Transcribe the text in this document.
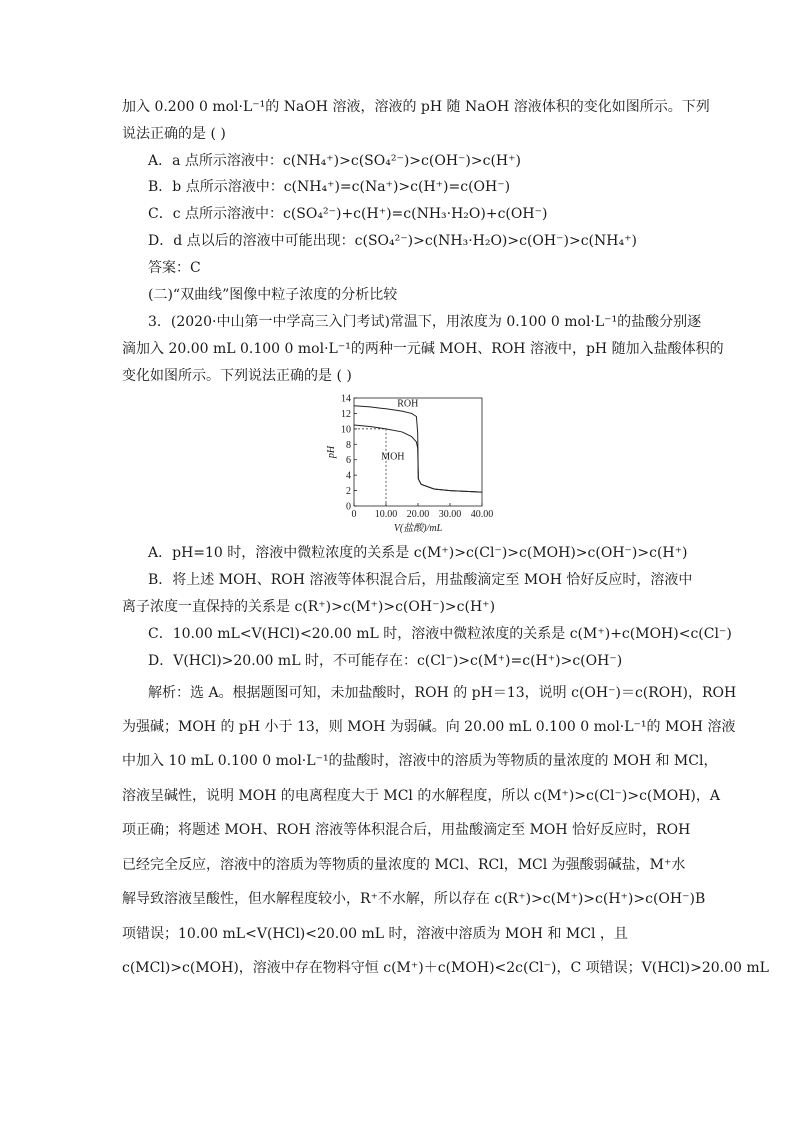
加入 0.200 0 mol·L⁻¹的 NaOH 溶液，溶液的 pH 随 NaOH 溶液体积的变化如图所示。下列
说法正确的是 ( )
A．a 点所示溶液中：c(NH₄⁺)>c(SO₄²⁻)>c(OH⁻)>c(H⁺)
B．b 点所示溶液中：c(NH₄⁺)=c(Na⁺)>c(H⁺)=c(OH⁻)
C．c 点所示溶液中：c(SO₄²⁻)+c(H⁺)=c(NH₃·H₂O)+c(OH⁻)
D．d 点以后的溶液中可能出现：c(SO₄²⁻)>c(NH₃·H₂O)>c(OH⁻)>c(NH₄⁺)
答案：C
(二)“双曲线”图像中粒子浓度的分析比较
3．(2020·中山第一中学高三入门考试)常温下，用浓度为 0.100 0 mol·L⁻¹的盐酸分别逐
滴加入 20.00 mL 0.100 0 mol·L⁻¹的两种一元碱 MOH、ROH 溶液中，pH 随加入盐酸体积的
变化如图所示。下列说法正确的是 ( )
0
2
4
6
8
10
12
14
0 10.00 20.00 30.00 40.00
V(盐酸)/mL
pH
ROH
MOH
A．pH=10 时，溶液中微粒浓度的关系是 c(M⁺)>c(Cl⁻)>c(MOH)>c(OH⁻)>c(H⁺)
B．将上述 MOH、ROH 溶液等体积混合后，用盐酸滴定至 MOH 恰好反应时，溶液中
离子浓度一直保持的关系是 c(R⁺)>c(M⁺)>c(OH⁻)>c(H⁺)
C．10.00 mL<V(HCl)<20.00 mL 时，溶液中微粒浓度的关系是 c(M⁺)+c(MOH)<c(Cl⁻)
D．V(HCl)>20.00 mL 时，不可能存在：c(Cl⁻)>c(M⁺)=c(H⁺)>c(OH⁻)
解析：选 A。根据题图可知，未加盐酸时，ROH 的 pH＝13，说明 c(OH⁻)＝c(ROH)，ROH
为强碱；MOH 的 pH 小于 13，则 MOH 为弱碱。向 20.00 mL 0.100 0 mol·L⁻¹的 MOH 溶液
中加入 10 mL 0.100 0 mol·L⁻¹的盐酸时，溶液中的溶质为等物质的量浓度的 MOH 和 MCl，
溶液呈碱性，说明 MOH 的电离程度大于 MCl 的水解程度，所以 c(M⁺)>c(Cl⁻)>c(MOH)，A
项正确；将题述 MOH、ROH 溶液等体积混合后，用盐酸滴定至 MOH 恰好反应时，ROH
已经完全反应，溶液中的溶质为等物质的量浓度的 MCl、RCl，MCl 为强酸弱碱盐，M⁺水
解导致溶液呈酸性，但水解程度较小，R⁺不水解，所以存在 c(R⁺)>c(M⁺)>c(H⁺)>c(OH⁻)B
项错误；10.00 mL<V(HCl)<20.00 mL 时，溶液中溶质为 MOH 和 MCl ，且
c(MCl)>c(MOH)，溶液中存在物料守恒 c(M⁺)＋c(MOH)<2c(Cl⁻)，C 项错误；V(HCl)>20.00 mL
